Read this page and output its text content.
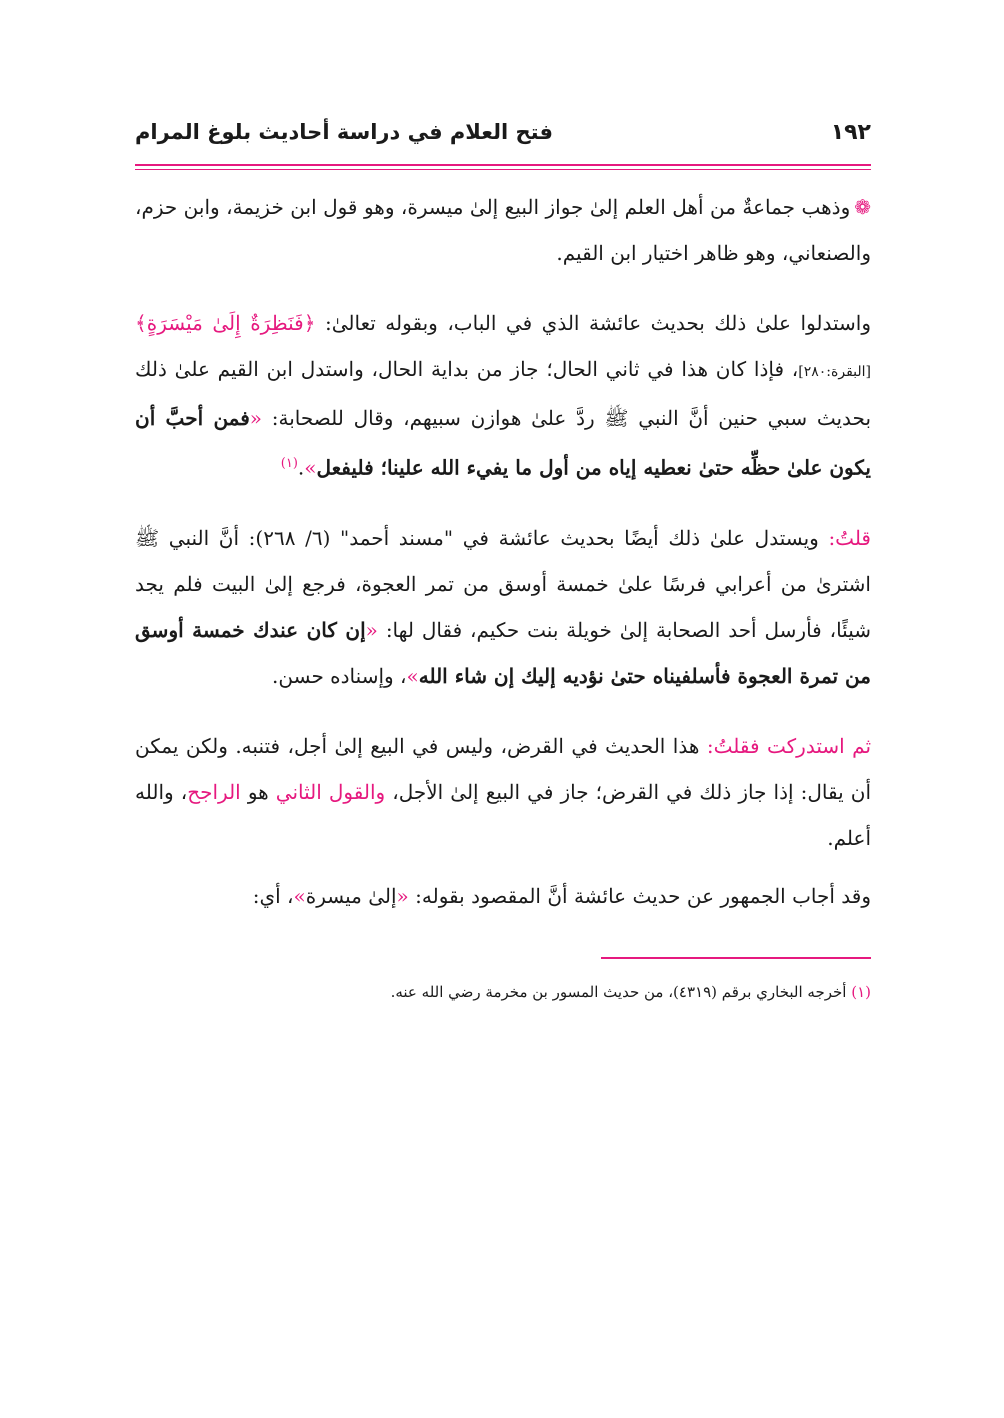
١٩٢
فتح العلام في دراسة أحاديث بلوغ المرام

❁وذهب جماعةٌ من أهل العلم إلىٰ جواز البيع إلىٰ ميسرة، وهو قول ابن خزيمة، وابن حزم، والصنعاني، وهو ظاهر اختيار ابن القيم.

واستدلوا علىٰ ذلك بحديث عائشة الذي في الباب، وبقوله تعالىٰ: ﴿فَنَظِرَةٌ إِلَىٰ مَيْسَرَةٍ﴾ [البقرة:٢٨٠]، فإذا كان هذا في ثاني الحال؛ جاز من بداية الحال، واستدل ابن القيم علىٰ ذلك بحديث سبي حنين أنَّ النبي ﷺ ردَّ علىٰ هوازن سبيهم، وقال للصحابة: «فمن أحبَّ أن يكون علىٰ حظِّه حتىٰ نعطيه إياه من أول ما يفيء الله علينا؛ فليفعل».$^{(١)}$

قلتُ: ويستدل علىٰ ذلك أيضًا بحديث عائشة في "مسند أحمد" (٦/ ٢٦٨): أنَّ النبي ﷺ اشترىٰ من أعرابي فرسًا علىٰ خمسة أوسق من تمر العجوة، فرجع إلىٰ البيت فلم يجد شيئًا، فأرسل أحد الصحابة إلىٰ خويلة بنت حكيم، فقال لها: «إن كان عندك خمسة أوسق من تمرة العجوة فأسلفيناه حتىٰ نؤديه إليك إن شاء الله»، وإسناده حسن.

ثم استدركت فقلتُ: هذا الحديث في القرض، وليس في البيع إلىٰ أجل، فتنبه. ولكن يمكن أن يقال: إذا جاز ذلك في القرض؛ جاز في البيع إلىٰ الأجل، والقول الثاني هو الراجح، والله أعلم.

وقد أجاب الجمهور عن حديث عائشة أنَّ المقصود بقوله: «إلىٰ ميسرة»، أي:

(١) أخرجه البخاري برقم (٤٣١٩)، من حديث المسور بن مخرمة رضي الله عنه.
